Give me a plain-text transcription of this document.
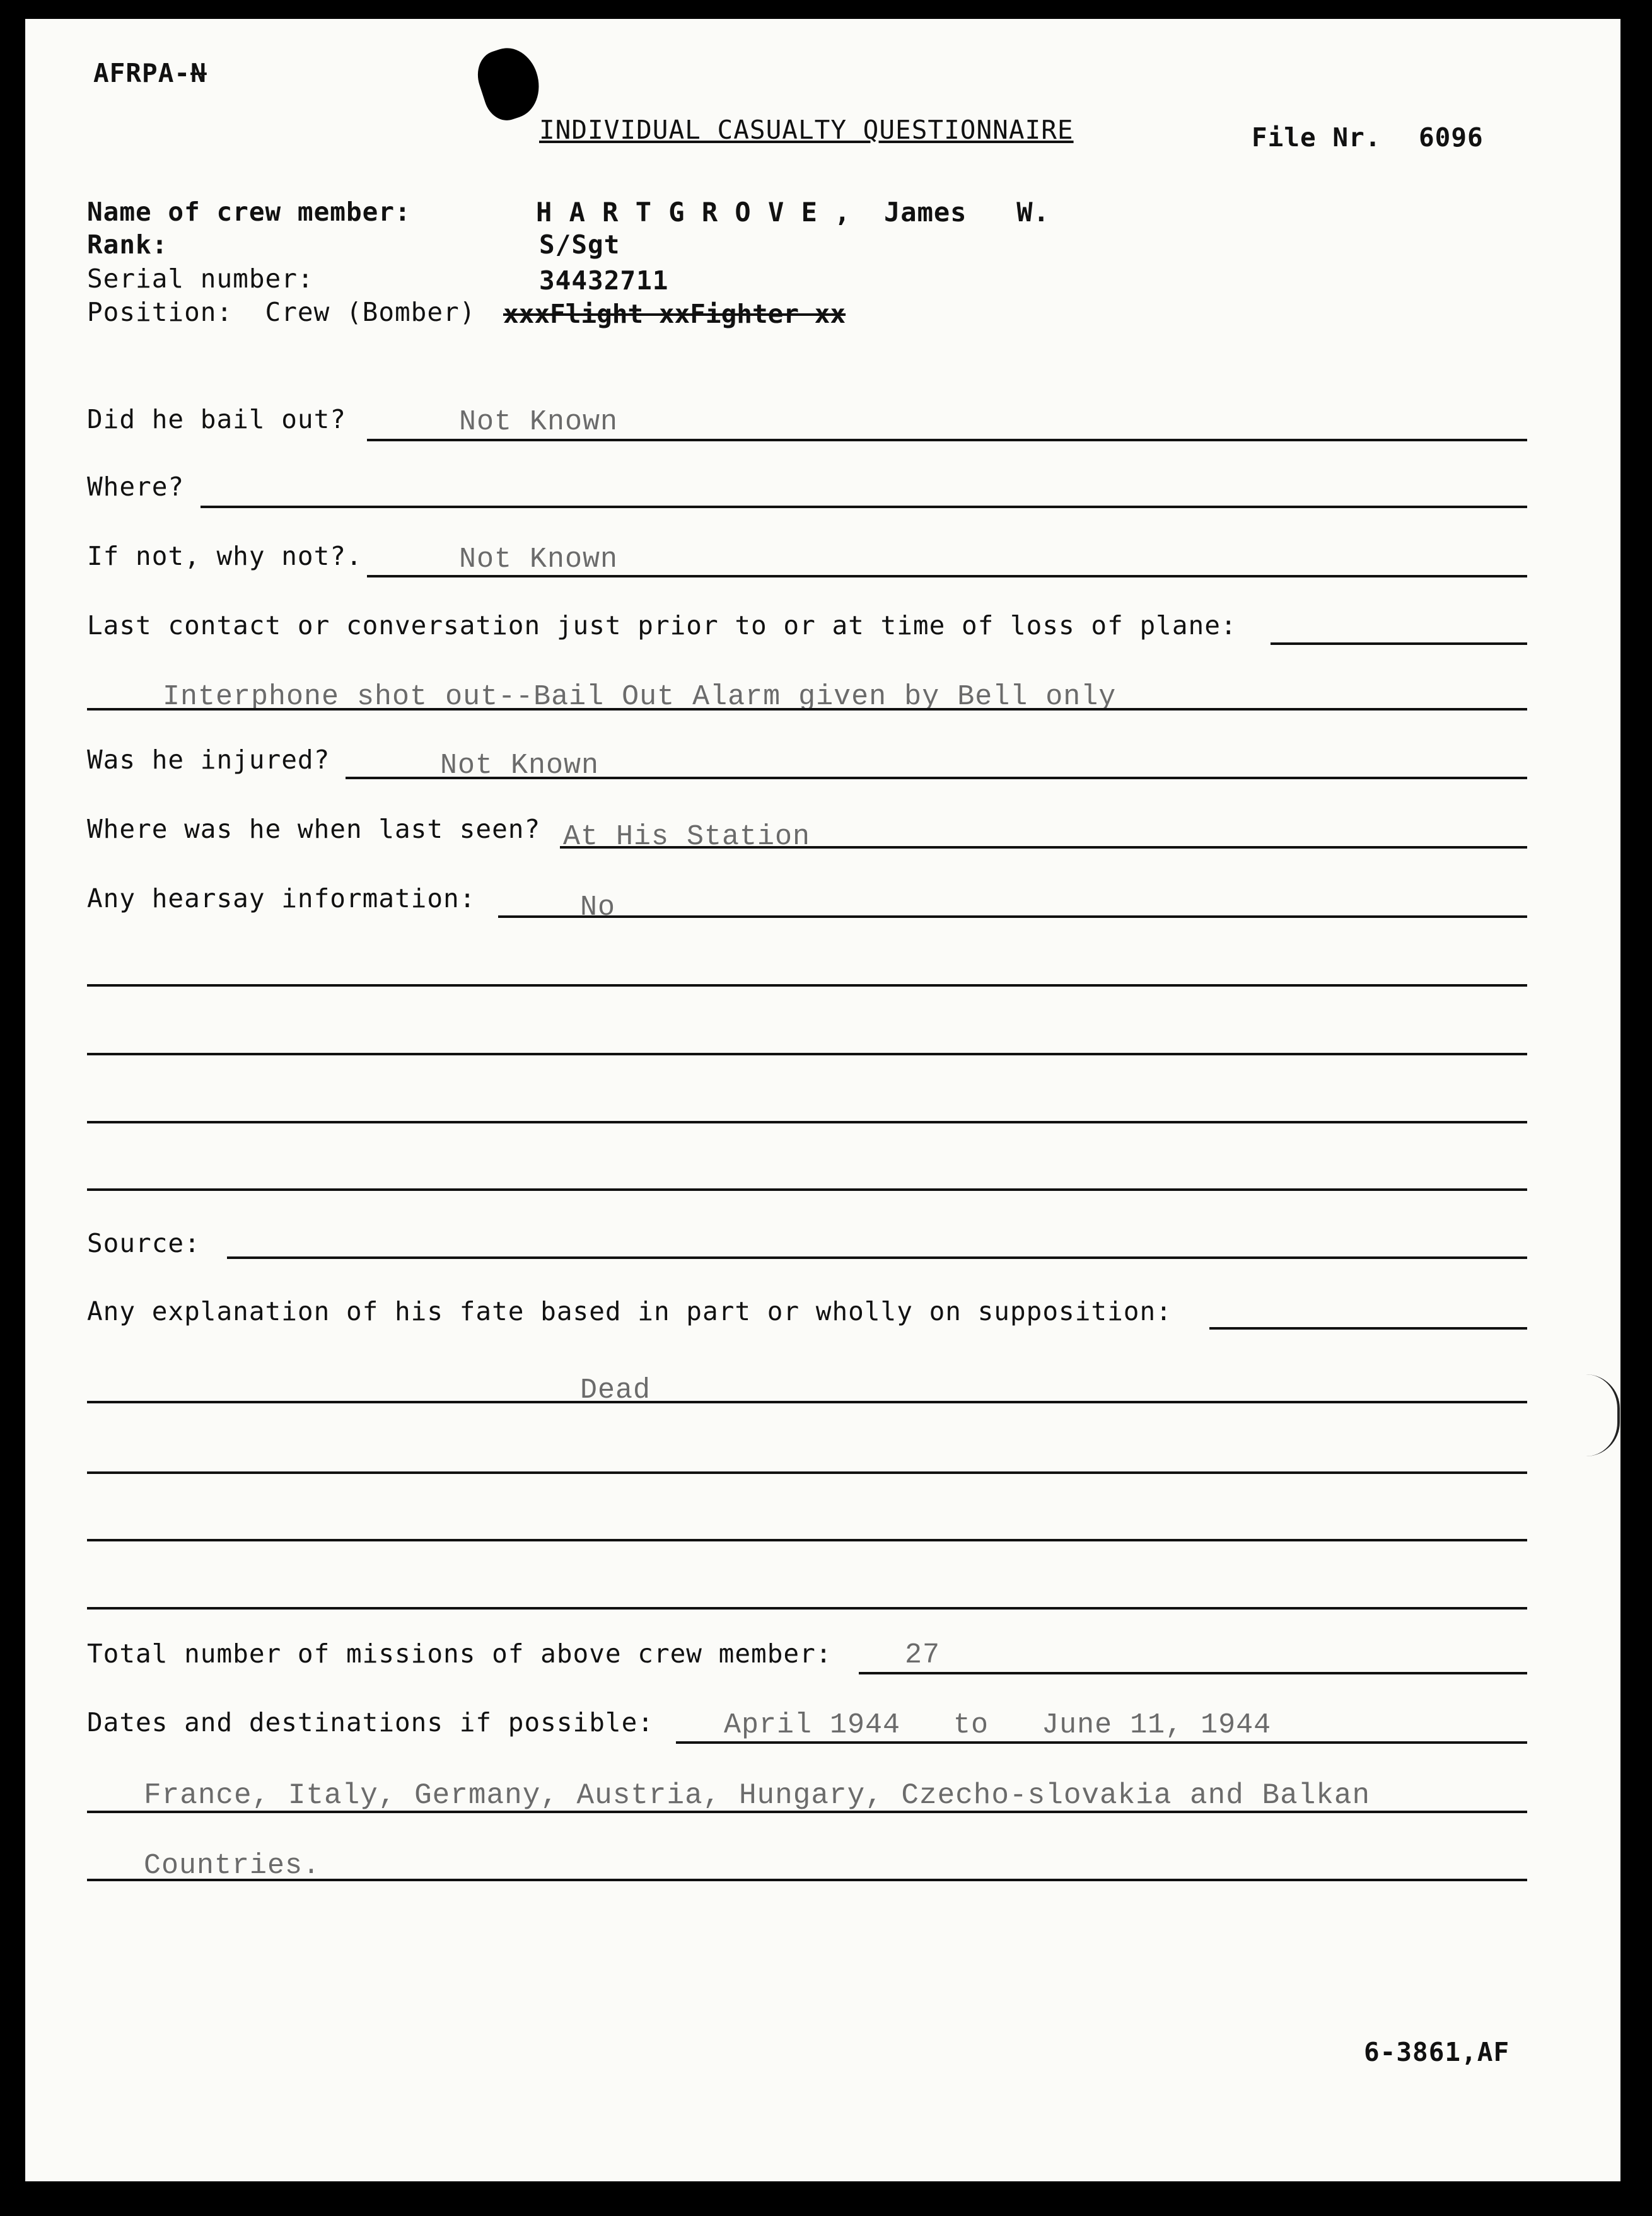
AFRPA-N
INDIVIDUAL CASUALTY QUESTIONNAIRE	File Nr. 6096
Name of crew member:	H A R T G R O V E ,  James   W.
Rank:	S/Sgt
Serial number:	34432711
Position:  Crew (Bomber) xxxFlight xxFighter xx
Did he bail out?	Not Known
Where?
If not, why not?.	Not Known
Last contact or conversation just prior to or at time of loss of plane:
Interphone shot out--Bail Out Alarm given by Bell only
Was he injured?	Not Known
Where was he when last seen? At His Station
Any hearsay information:	No
Source:
Any explanation of his fate based in part or wholly on supposition:
Dead
Total number of missions of above crew member:	27
Dates and destinations if possible: April 1944   to   June 11, 1944
France, Italy, Germany, Austria, Hungary, Czecho-slovakia and Balkan
Countries.
6-3861,AF
